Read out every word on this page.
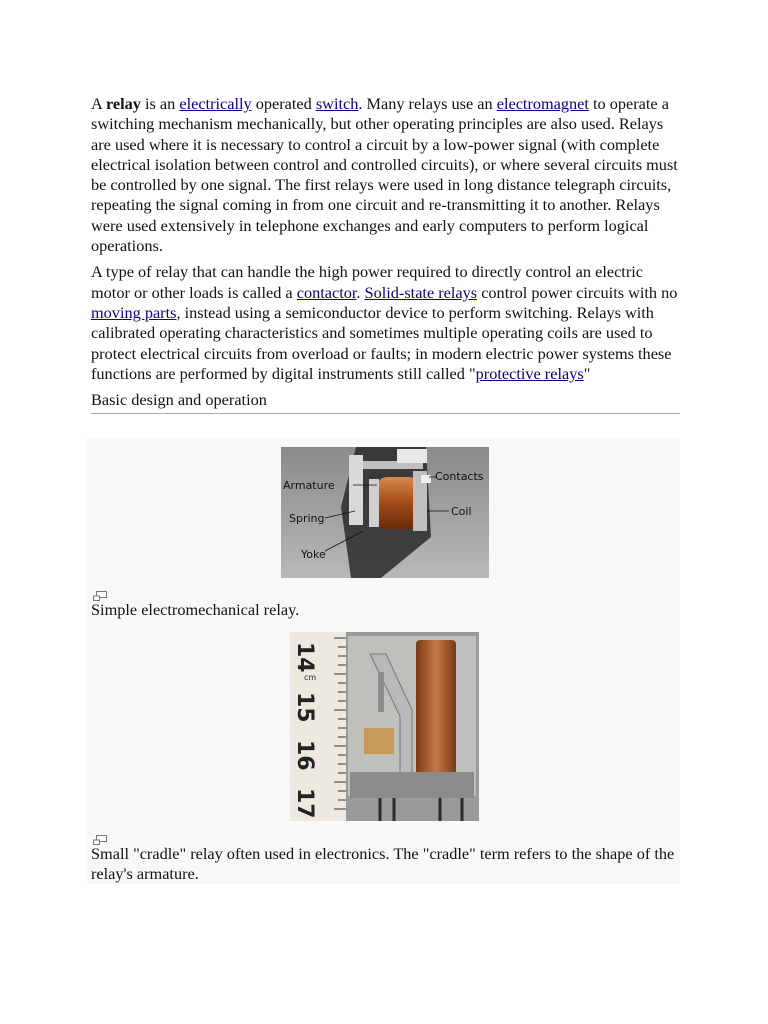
A relay is an electrically operated switch. Many relays use an electromagnet to operate a switching mechanism mechanically, but other operating principles are also used. Relays are used where it is necessary to control a circuit by a low-power signal (with complete electrical isolation between control and controlled circuits), or where several circuits must be controlled by one signal. The first relays were used in long distance telegraph circuits, repeating the signal coming in from one circuit and re-transmitting it to another. Relays were used extensively in telephone exchanges and early computers to perform logical operations.

A type of relay that can handle the high power required to directly control an electric motor or other loads is called a contactor. Solid-state relays control power circuits with no moving parts, instead using a semiconductor device to perform switching. Relays with calibrated operating characteristics and sometimes multiple operating coils are used to protect electrical circuits from overload or faults; in modern electric power systems these functions are performed by digital instruments still called "protective relays"

Basic design and operation
Armature
Contacts
Coil
Spring
Yoke
Simple electromechanical relay.
14
cm
15
16
17
Small "cradle" relay often used in electronics. The "cradle" term refers to the shape of the relay's armature.
